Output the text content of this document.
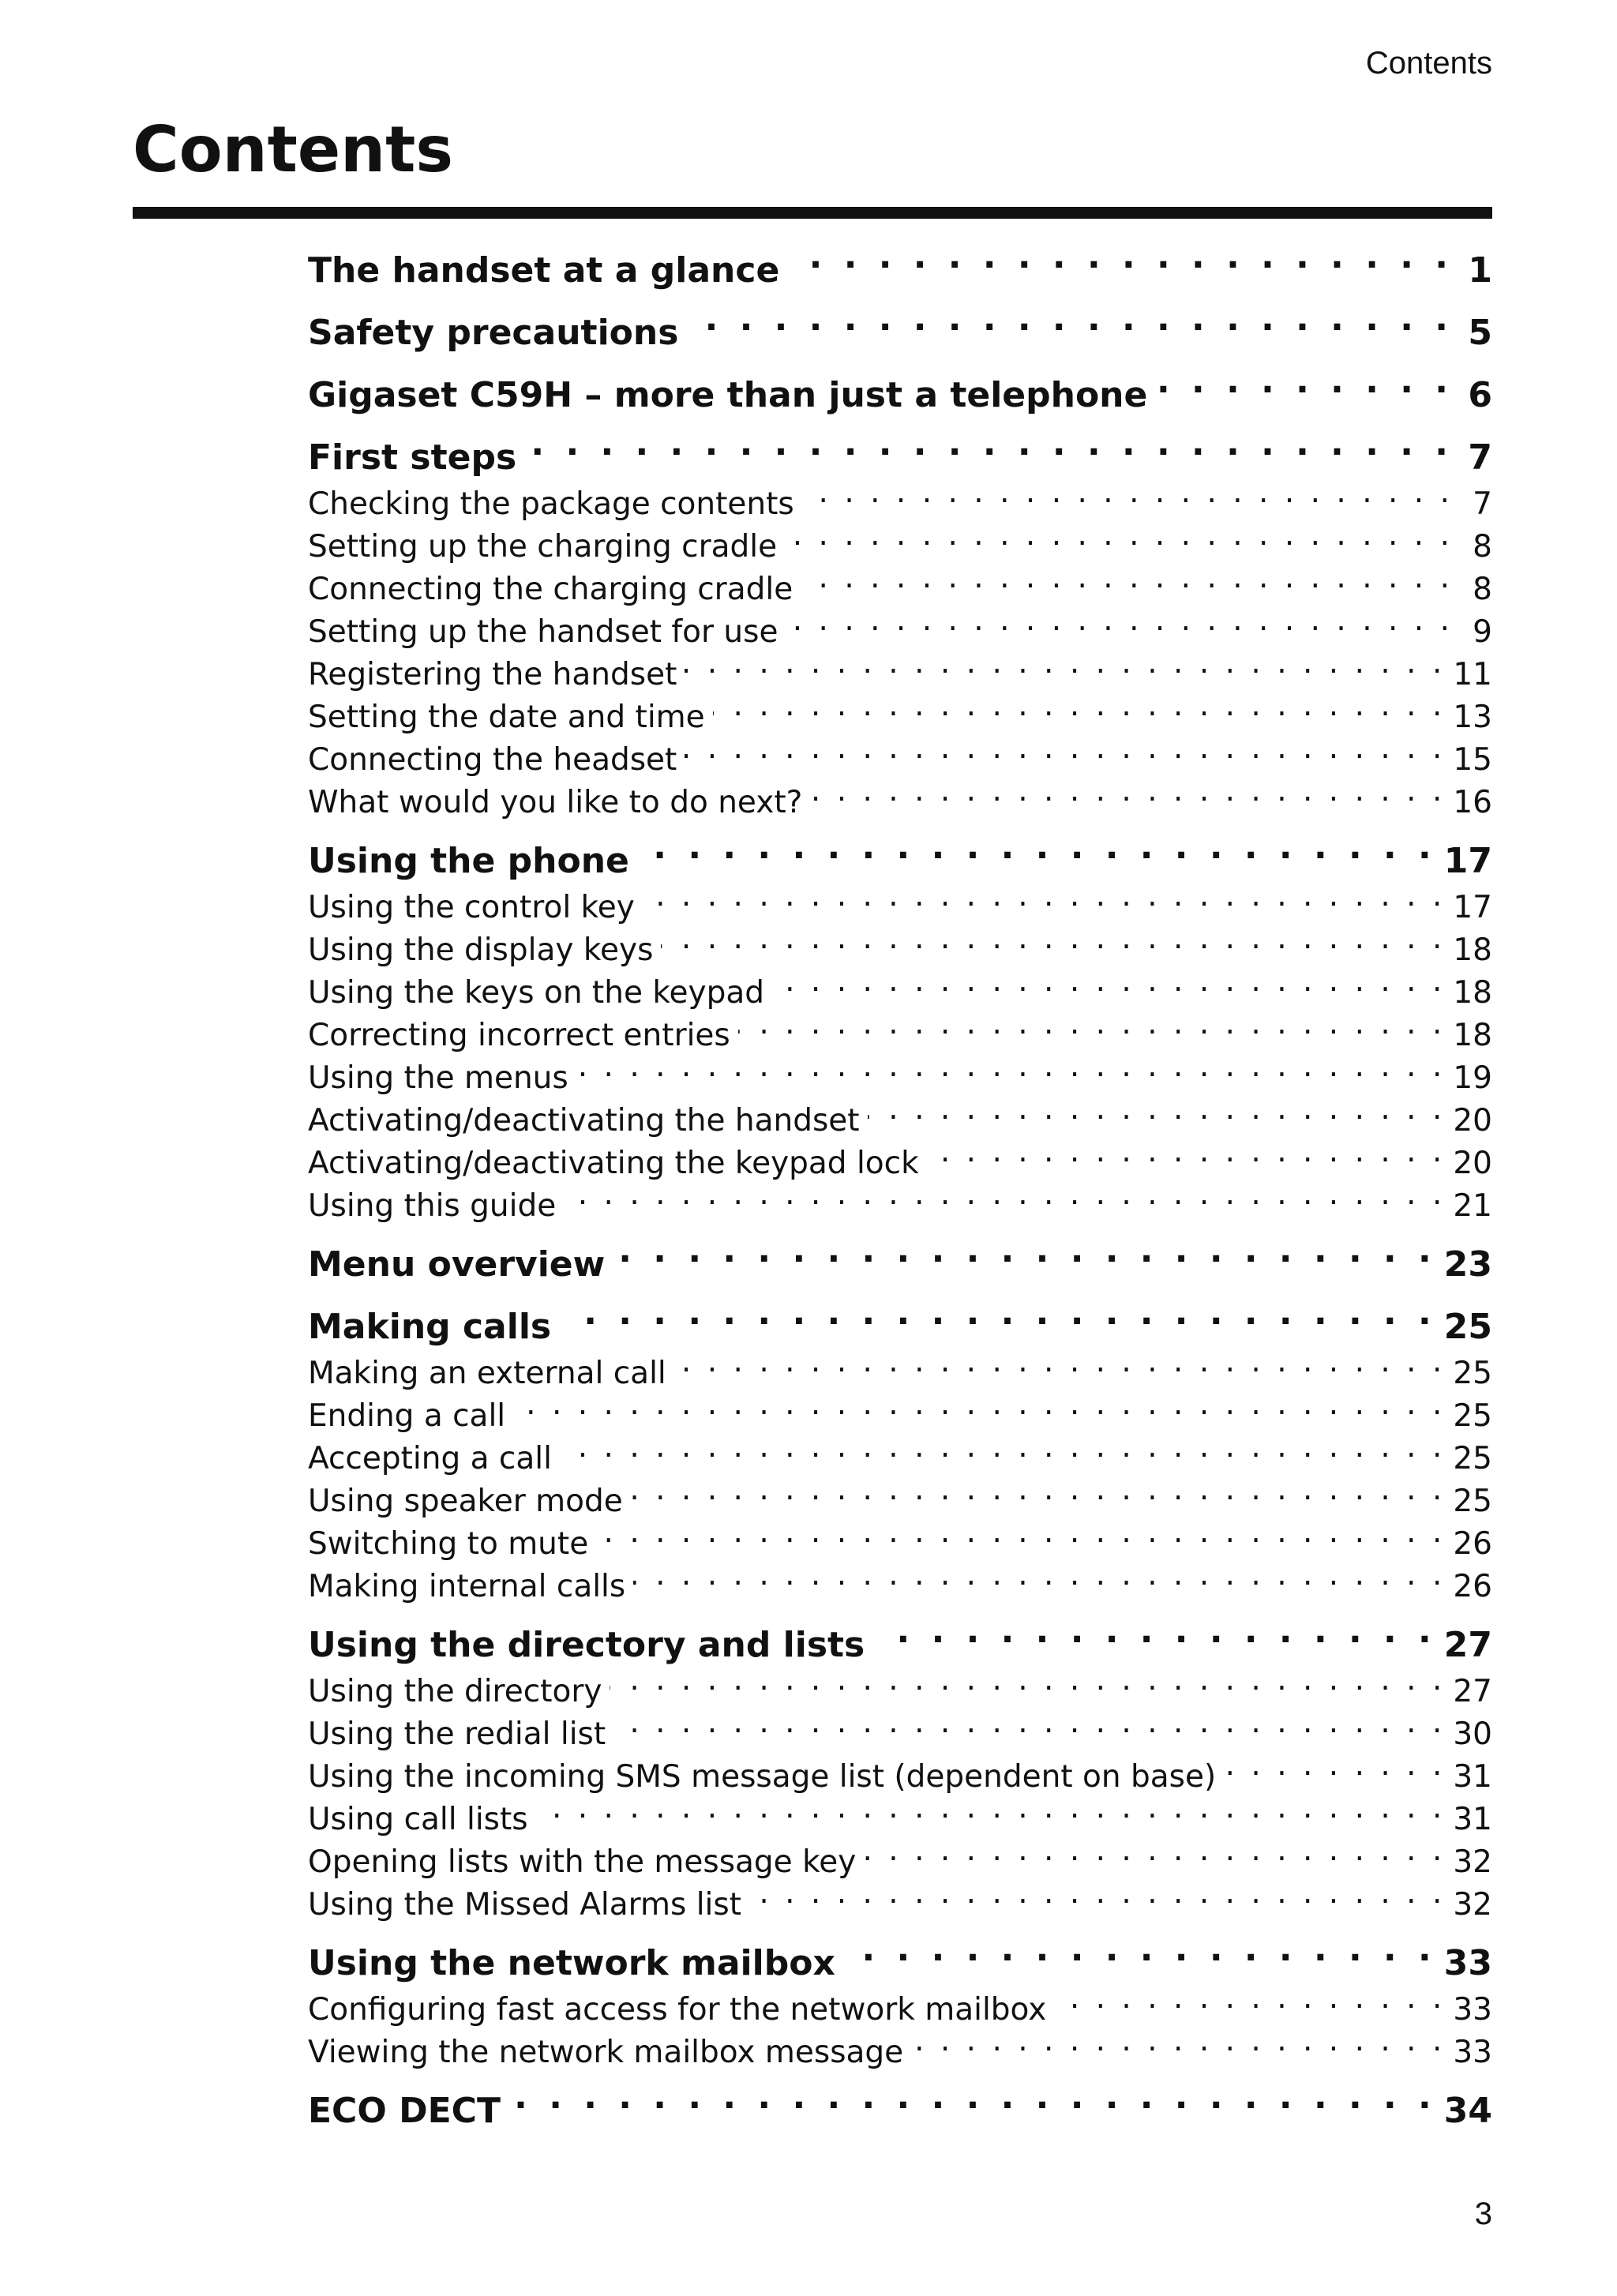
Contents
Contents
The handset at a glance . . .	1
Safety precautions . . .	5
Gigaset C59H – more than just a telephone . . .	6
First steps . . .	7
Checking the package contents . . .	7
Setting up the charging cradle . . .	8
Connecting the charging cradle . . .	8
Setting up the handset for use . . .	9
Registering the handset . . .	11
Setting the date and time . . .	13
Connecting the headset . . .	15
What would you like to do next? . . .	16
Using the phone . . .	17
Using the control key . . .	17
Using the display keys . . .	18
Using the keys on the keypad . . .	18
Correcting incorrect entries . . .	18
Using the menus . . .	19
Activating/deactivating the handset . . .	20
Activating/deactivating the keypad lock . . .	20
Using this guide . . .	21
Menu overview . . .	23
Making calls . . .	25
Making an external call . . .	25
Ending a call . . .	25
Accepting a call . . .	25
Using speaker mode . . .	25
Switching to mute . . .	26
Making internal calls . . .	26
Using the directory and lists . . .	27
Using the directory . . .	27
Using the redial list . . .	30
Using the incoming SMS message list (dependent on base) . . .	31
Using call lists . . .	31
Opening lists with the message key . . .	32
Using the Missed Alarms list . . .	32
Using the network mailbox . . .	33
Configuring fast access for the network mailbox . . .	33
Viewing the network mailbox message . . .	33
ECO DECT . . .	34
3
